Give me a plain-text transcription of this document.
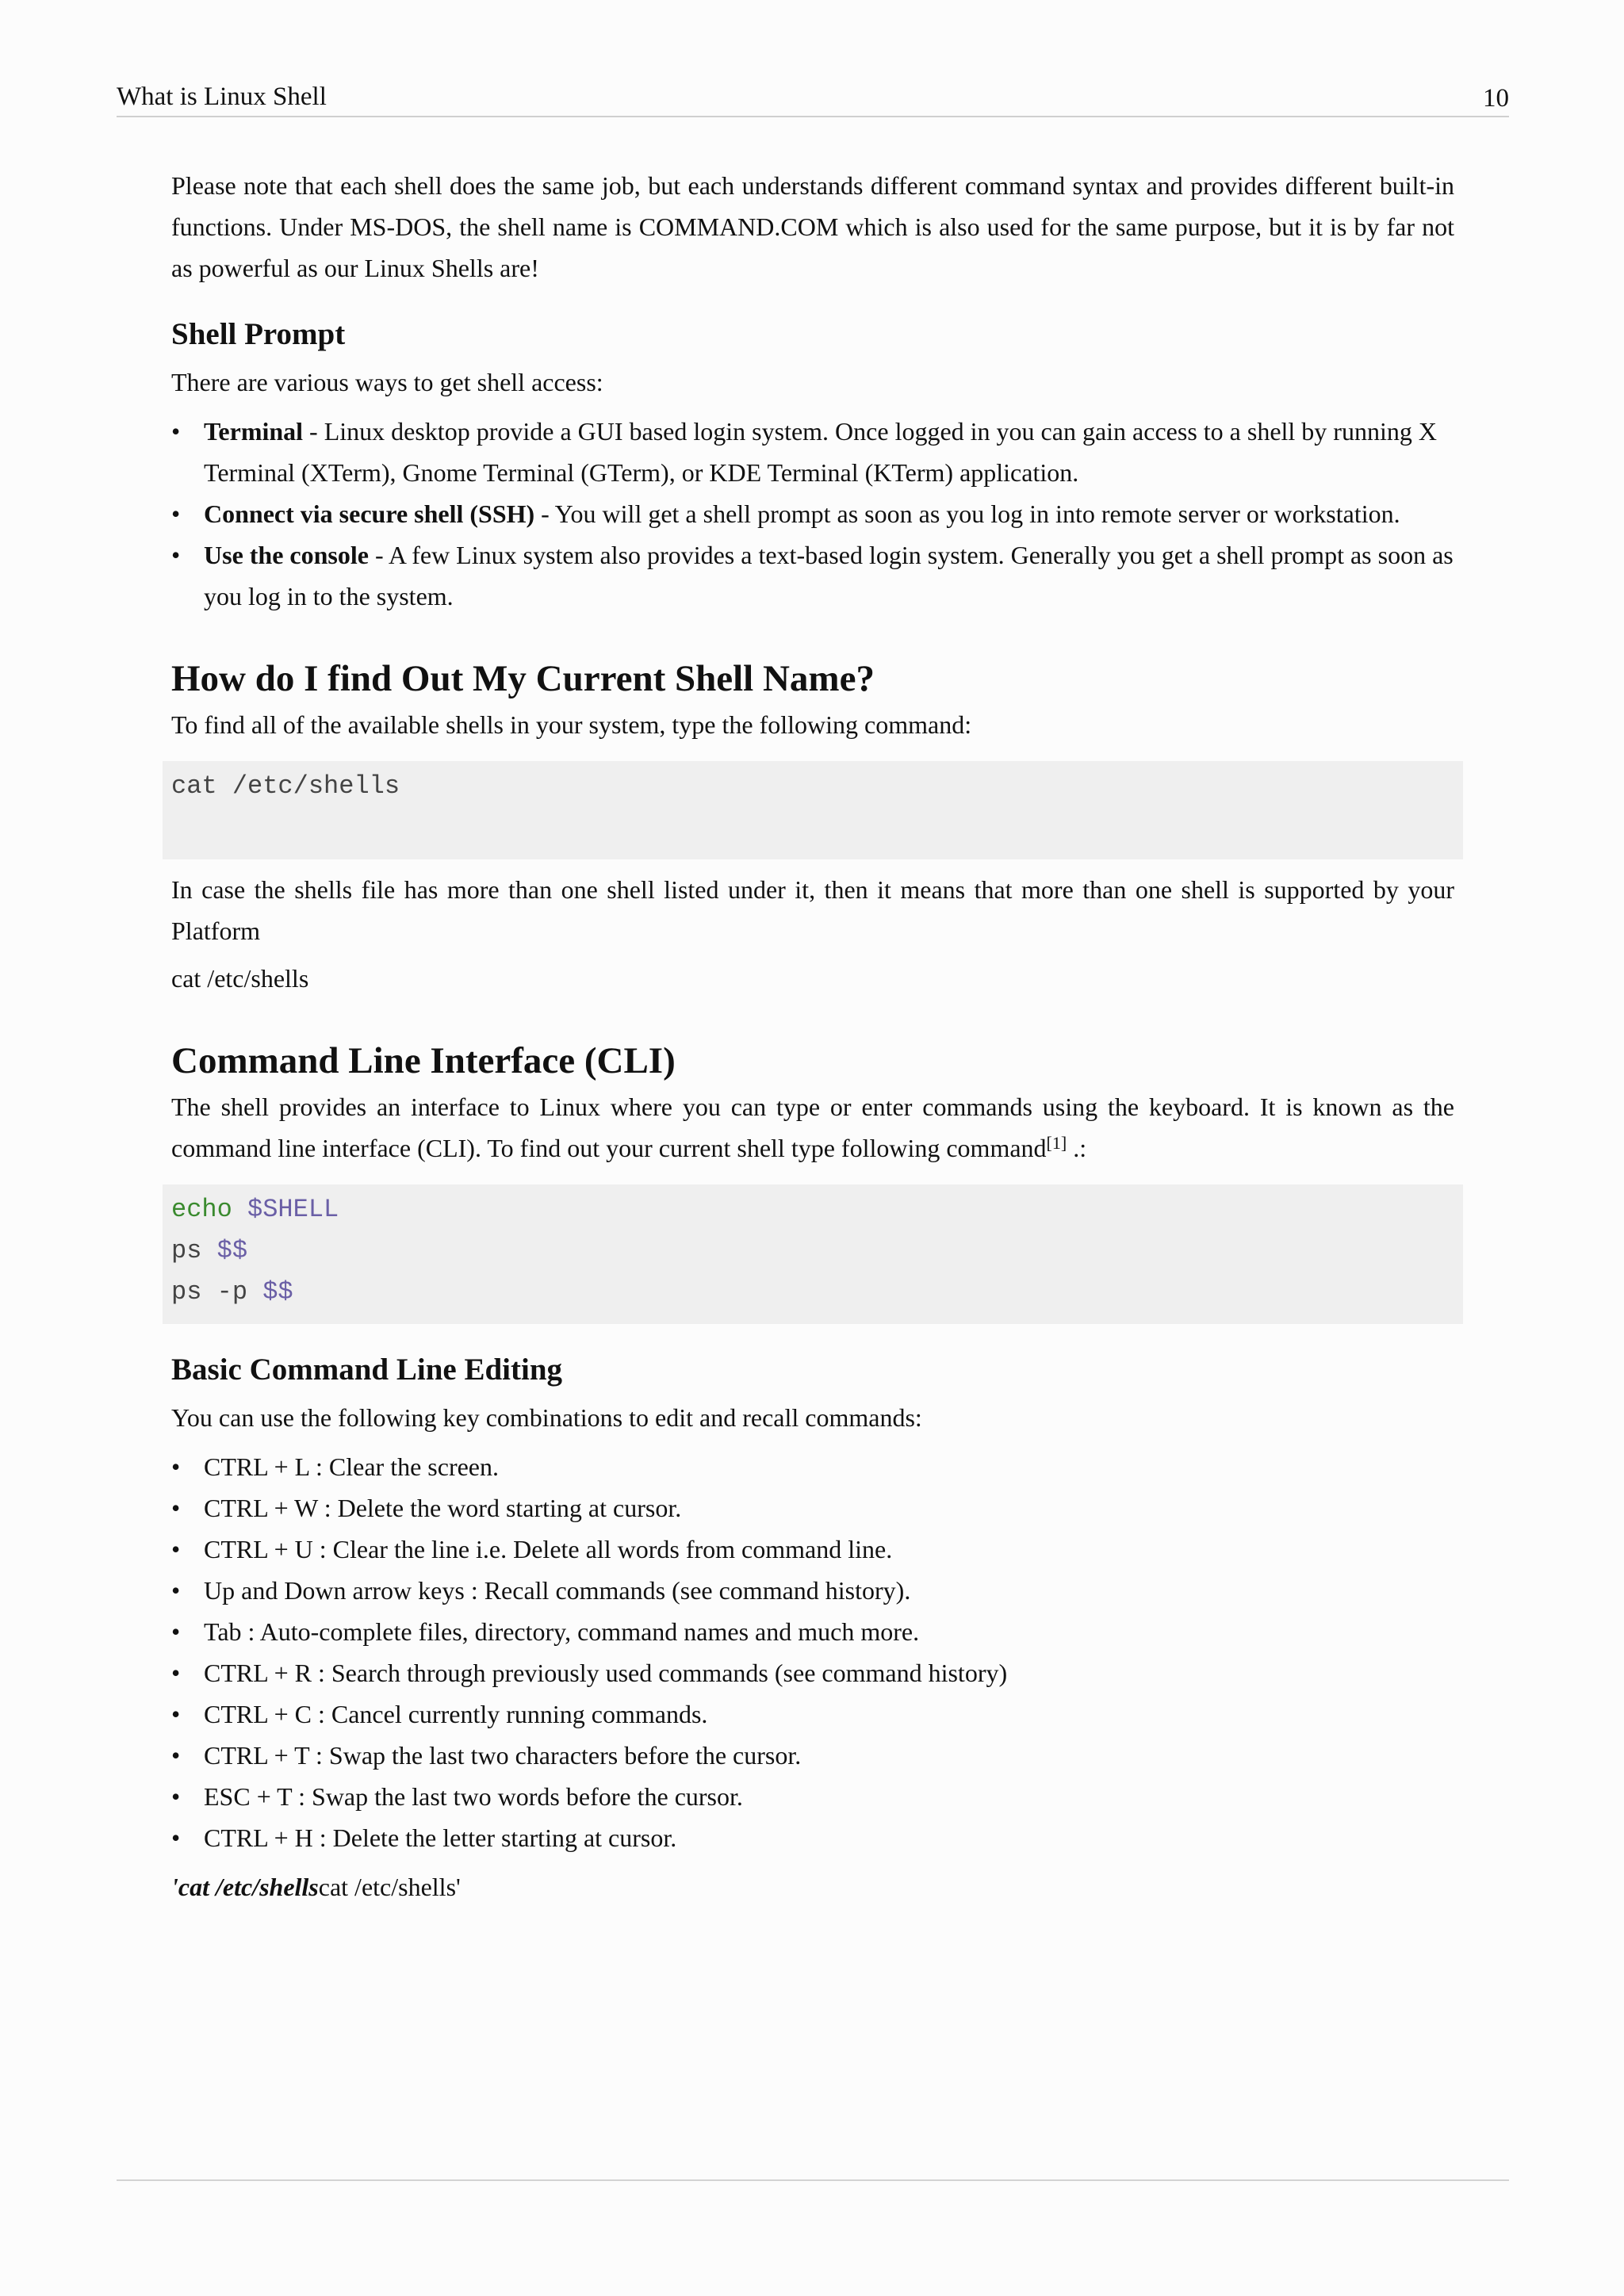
What is Linux Shell	10

Please note that each shell does the same job, but each understands different command syntax and provides different built-in functions. Under MS-DOS, the shell name is COMMAND.COM which is also used for the same purpose, but it is by far not as powerful as our Linux Shells are!

Shell Prompt

There are various ways to get shell access:

• Terminal - Linux desktop provide a GUI based login system. Once logged in you can gain access to a shell by running X Terminal (XTerm), Gnome Terminal (GTerm), or KDE Terminal (KTerm) application.
• Connect via secure shell (SSH) - You will get a shell prompt as soon as you log in into remote server or workstation.
• Use the console - A few Linux system also provides a text-based login system. Generally you get a shell prompt as soon as you log in to the system.
How do I find Out My Current Shell Name?

To find all of the available shells in your system, type the following command:

cat /etc/shells

In case the shells file has more than one shell listed under it, then it means that more than one shell is supported by your Platform

cat /etc/shells

Command Line Interface (CLI)

The shell provides an interface to Linux where you can type or enter commands using the keyboard. It is known as the command line interface (CLI). To find out your current shell type following command[1] .:

echo $SHELL
ps $$
ps -p $$
Basic Command Line Editing

You can use the following key combinations to edit and recall commands:

• CTRL + L : Clear the screen.
• CTRL + W : Delete the word starting at cursor.
• CTRL + U : Clear the line i.e. Delete all words from command line.
• Up and Down arrow keys : Recall commands (see command history).
• Tab : Auto-complete files, directory, command names and much more.
• CTRL + R : Search through previously used commands (see command history)
• CTRL + C : Cancel currently running commands.
• CTRL + T : Swap the last two characters before the cursor.
• ESC + T : Swap the last two words before the cursor.
• CTRL + H : Delete the letter starting at cursor.

'cat /etc/shellscat /etc/shells'
